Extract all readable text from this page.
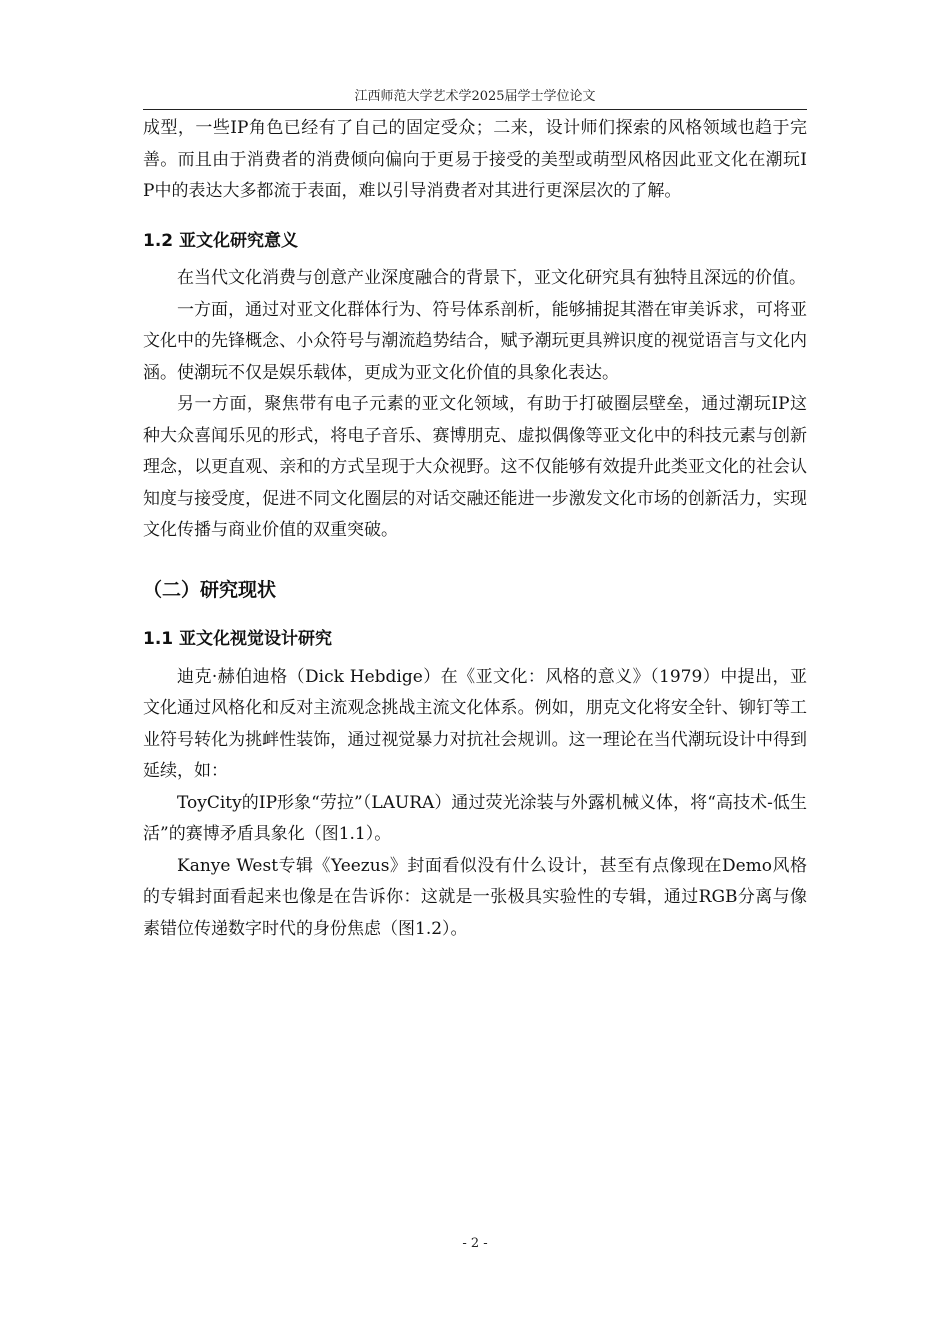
江西师范大学艺术学2025届学士学位论文

成型，一些IP角色已经有了自己的固定受众；二来，设计师们探索的风格领域也趋于完善。而且由于消费者的消费倾向偏向于更易于接受的美型或萌型风格因此亚文化在潮玩IP中的表达大多都流于表面，难以引导消费者对其进行更深层次的了解。

1.2 亚文化研究意义

在当代文化消费与创意产业深度融合的背景下，亚文化研究具有独特且深远的价值。

一方面，通过对亚文化群体行为、符号体系剖析，能够捕捉其潜在审美诉求，可将亚文化中的先锋概念、小众符号与潮流趋势结合，赋予潮玩更具辨识度的视觉语言与文化内涵。使潮玩不仅是娱乐载体，更成为亚文化价值的具象化表达。

另一方面，聚焦带有电子元素的亚文化领域，有助于打破圈层壁垒，通过潮玩IP这种大众喜闻乐见的形式，将电子音乐、赛博朋克、虚拟偶像等亚文化中的科技元素与创新理念，以更直观、亲和的方式呈现于大众视野。这不仅能够有效提升此类亚文化的社会认知度与接受度，促进不同文化圈层的对话交融还能进一步激发文化市场的创新活力，实现文化传播与商业价值的双重突破。

（二）研究现状
1.1 亚文化视觉设计研究

迪克·赫伯迪格（Dick Hebdige）在《亚文化：风格的意义》（1979）中提出，亚文化通过风格化和反对主流观念挑战主流文化体系。例如，朋克文化将安全针、铆钉等工业符号转化为挑衅性装饰，通过视觉暴力对抗社会规训。这一理论在当代潮玩设计中得到延续，如：

ToyCity的IP形象“劳拉”（LAURA）通过荧光涂装与外露机械义体，将“高技术-低生活”的赛博矛盾具象化（图1.1）。

Kanye West专辑《Yeezus》封面看似没有什么设计，甚至有点像现在Demo风格的专辑封面看起来也像是在告诉你：这就是一张极具实验性的专辑，通过RGB分离与像素错位传递数字时代的身份焦虑（图1.2）。

- 2 -
